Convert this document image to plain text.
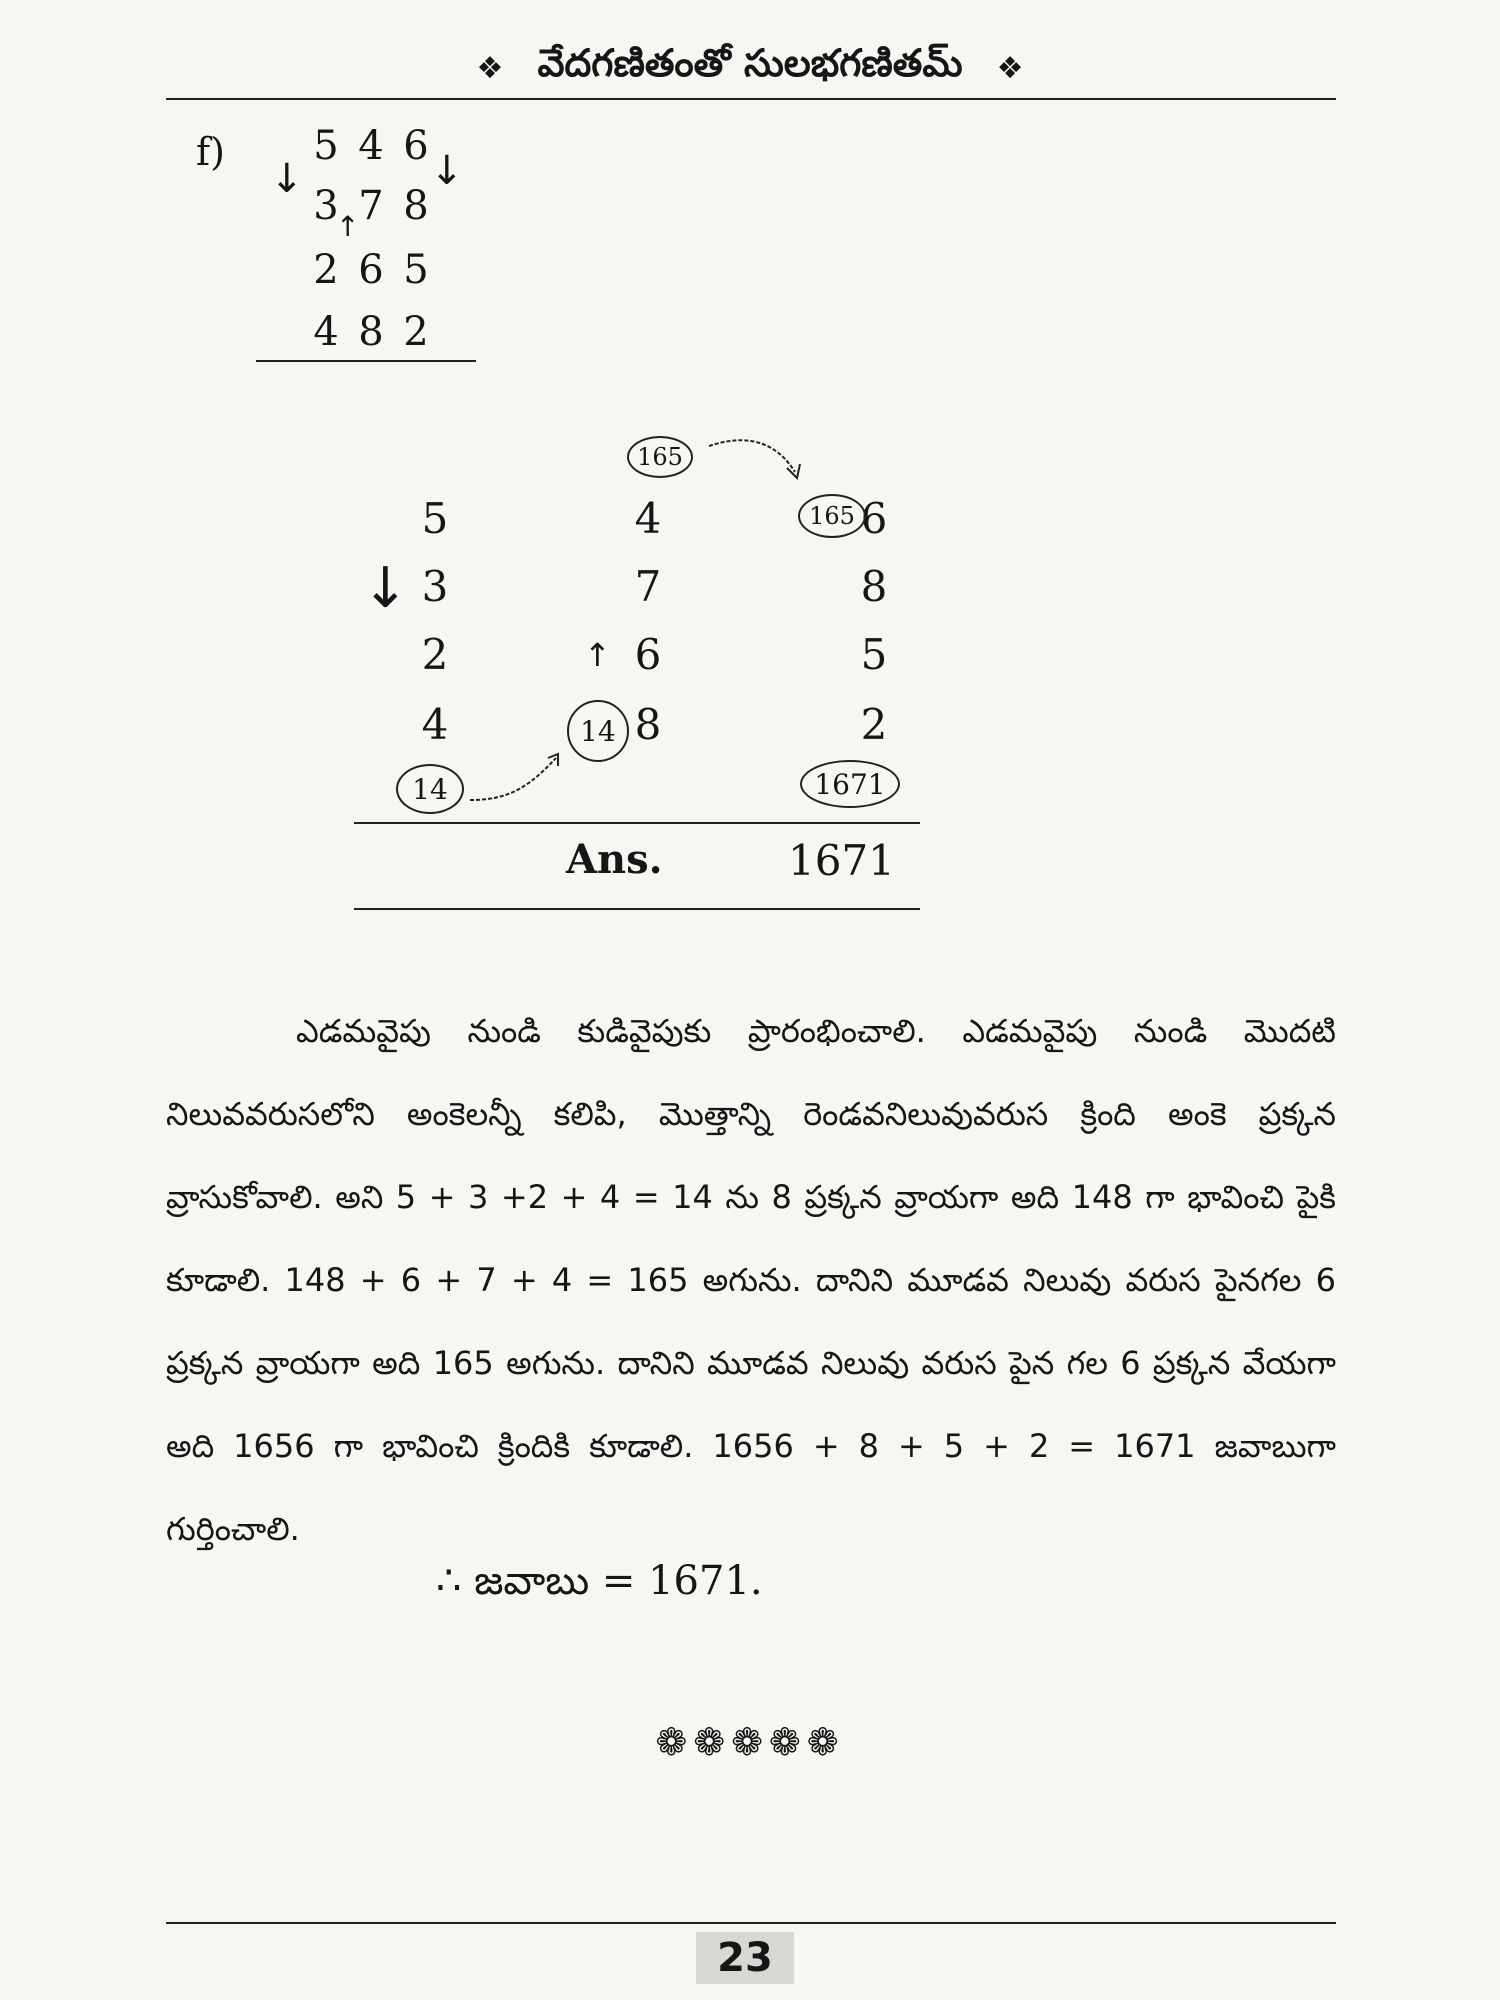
❖ వేదగణితంతో సులభగణితమ్ ❖
f) 5 4 6
3 7 8
2 6 5
4 8 2
↓	↓
↑
165
5
3
2
4
4
7
6
8
6
8
5
2
165
↓
↑
14
14
1671
Ans.	1671
ఎడమవైపు నుండి కుడివైపుకు ప్రారంభించాలి. ఎడమవైపు నుండి మొదటి నిలువవరుసలోని అంకెలన్నీ కలిపి, మొత్తాన్ని రెండవనిలువువరుస క్రింది అంకె ప్రక్కన వ్రాసుకోవాలి. అని 5 + 3 +2 + 4 = 14 ను 8 ప్రక్కన వ్రాయగా అది 148 గా భావించి పైకి కూడాలి. 148 + 6 + 7 + 4 = 165 అగును. దానిని మూడవ నిలువు వరుస పైనగల 6 ప్రక్కన వ్రాయగా అది 165 అగును. దానిని మూడవ నిలువు వరుస పైన గల 6 ప్రక్కన వేయగా అది 1656 గా భావించి క్రిందికి కూడాలి. 1656 + 8 + 5 + 2 = 1671 జవాబుగా గుర్తించాలి.
∴ జవాబు = 1671.
❁❁❁❁❁
23
